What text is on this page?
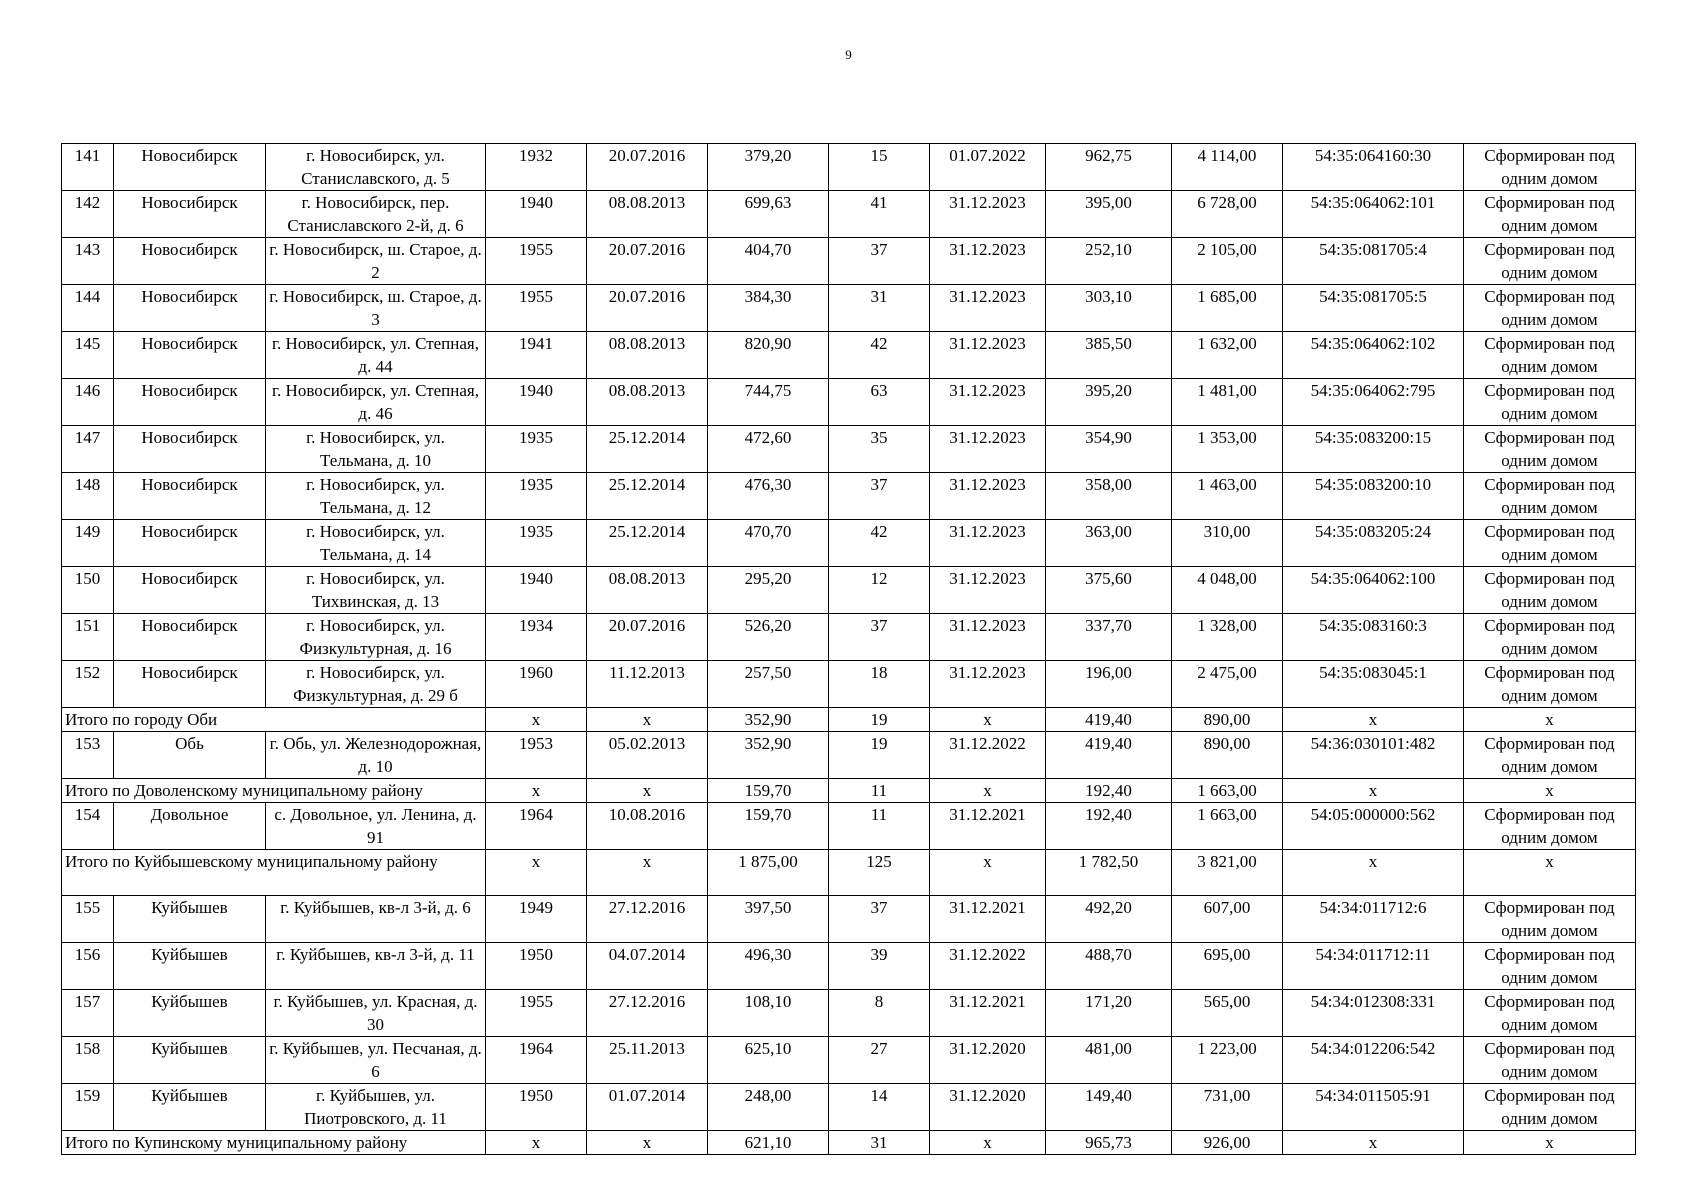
9
141	Новосибирск	г. Новосибирск, ул. Станиславского, д. 5	1932	20.07.2016	379,20	15	01.07.2022	962,75	4 114,00	54:35:064160:30	Сформирован под одним домом
142	Новосибирск	г. Новосибирск, пер. Станиславского 2-й, д. 6	1940	08.08.2013	699,63	41	31.12.2023	395,00	6 728,00	54:35:064062:101	Сформирован под одним домом
143	Новосибирск	г. Новосибирск, ш. Старое, д. 2	1955	20.07.2016	404,70	37	31.12.2023	252,10	2 105,00	54:35:081705:4	Сформирован под одним домом
144	Новосибирск	г. Новосибирск, ш. Старое, д. 3	1955	20.07.2016	384,30	31	31.12.2023	303,10	1 685,00	54:35:081705:5	Сформирован под одним домом
145	Новосибирск	г. Новосибирск, ул. Степная, д. 44	1941	08.08.2013	820,90	42	31.12.2023	385,50	1 632,00	54:35:064062:102	Сформирован под одним домом
146	Новосибирск	г. Новосибирск, ул. Степная, д. 46	1940	08.08.2013	744,75	63	31.12.2023	395,20	1 481,00	54:35:064062:795	Сформирован под одним домом
147	Новосибирск	г. Новосибирск, ул. Тельмана, д. 10	1935	25.12.2014	472,60	35	31.12.2023	354,90	1 353,00	54:35:083200:15	Сформирован под одним домом
148	Новосибирск	г. Новосибирск, ул. Тельмана, д. 12	1935	25.12.2014	476,30	37	31.12.2023	358,00	1 463,00	54:35:083200:10	Сформирован под одним домом
149	Новосибирск	г. Новосибирск, ул. Тельмана, д. 14	1935	25.12.2014	470,70	42	31.12.2023	363,00	310,00	54:35:083205:24	Сформирован под одним домом
150	Новосибирск	г. Новосибирск, ул. Тихвинская, д. 13	1940	08.08.2013	295,20	12	31.12.2023	375,60	4 048,00	54:35:064062:100	Сформирован под одним домом
151	Новосибирск	г. Новосибирск, ул. Физкультурная, д. 16	1934	20.07.2016	526,20	37	31.12.2023	337,70	1 328,00	54:35:083160:3	Сформирован под одним домом
152	Новосибирск	г. Новосибирск, ул. Физкультурная, д. 29 б	1960	11.12.2013	257,50	18	31.12.2023	196,00	2 475,00	54:35:083045:1	Сформирован под одним домом
Итого по городу Оби			x	x	352,90	19	x	419,40	890,00	x	x
153	Обь	г. Обь, ул. Железнодорожная, д. 10	1953	05.02.2013	352,90	19	31.12.2022	419,40	890,00	54:36:030101:482	Сформирован под одним домом
Итого по Доволенскому муниципальному району			x	x	159,70	11	x	192,40	1 663,00	x	x
154	Довольное	с. Довольное, ул. Ленина, д. 91	1964	10.08.2016	159,70	11	31.12.2021	192,40	1 663,00	54:05:000000:562	Сформирован под одним домом
Итого по Куйбышевскому муниципальному району			x	x	1 875,00	125	x	1 782,50	3 821,00	x	x
155	Куйбышев	г. Куйбышев, кв-л 3-й, д. 6	1949	27.12.2016	397,50	37	31.12.2021	492,20	607,00	54:34:011712:6	Сформирован под одним домом
156	Куйбышев	г. Куйбышев, кв-л 3-й, д. 11	1950	04.07.2014	496,30	39	31.12.2022	488,70	695,00	54:34:011712:11	Сформирован под одним домом
157	Куйбышев	г. Куйбышев, ул. Красная, д. 30	1955	27.12.2016	108,10	8	31.12.2021	171,20	565,00	54:34:012308:331	Сформирован под одним домом
158	Куйбышев	г. Куйбышев, ул. Песчаная, д. 6	1964	25.11.2013	625,10	27	31.12.2020	481,00	1 223,00	54:34:012206:542	Сформирован под одним домом
159	Куйбышев	г. Куйбышев, ул. Пиотровского, д. 11	1950	01.07.2014	248,00	14	31.12.2020	149,40	731,00	54:34:011505:91	Сформирован под одним домом
Итого по Купинскому муниципальному району			x	x	621,10	31	x	965,73	926,00	x	x
